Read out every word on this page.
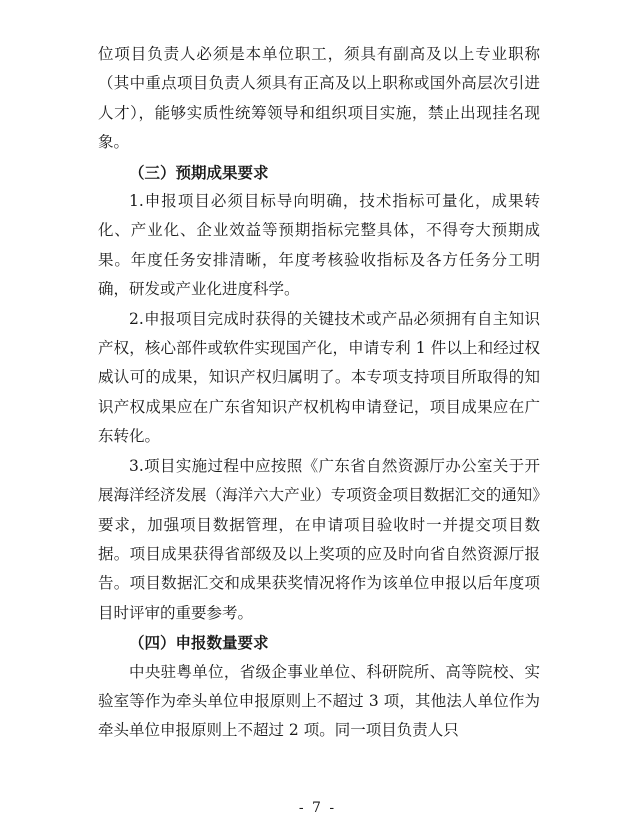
位项目负责人必须是本单位职工，须具有副高及以上专业职称（其中重点项目负责人须具有正高及以上职称或国外高层次引进人才），能够实质性统筹领导和组织项目实施，禁止出现挂名现象。

（三）预期成果要求

1.申报项目必须目标导向明确，技术指标可量化，成果转化、产业化、企业效益等预期指标完整具体，不得夸大预期成果。年度任务安排清晰，年度考核验收指标及各方任务分工明确，研发或产业化进度科学。

2.申报项目完成时获得的关键技术或产品必须拥有自主知识产权，核心部件或软件实现国产化，申请专利 1 件以上和经过权威认可的成果，知识产权归属明了。本专项支持项目所取得的知识产权成果应在广东省知识产权机构申请登记，项目成果应在广东转化。

3.项目实施过程中应按照《广东省自然资源厅办公室关于开展海洋经济发展（海洋六大产业）专项资金项目数据汇交的通知》要求，加强项目数据管理，在申请项目验收时一并提交项目数据。项目成果获得省部级及以上奖项的应及时向省自然资源厅报告。项目数据汇交和成果获奖情况将作为该单位申报以后年度项目时评审的重要参考。

（四）申报数量要求

中央驻粤单位，省级企事业单位、科研院所、高等院校、实验室等作为牵头单位申报原则上不超过 3 项，其他法人单位作为牵头单位申报原则上不超过 2 项。同一项目负责人只

- 7 -
